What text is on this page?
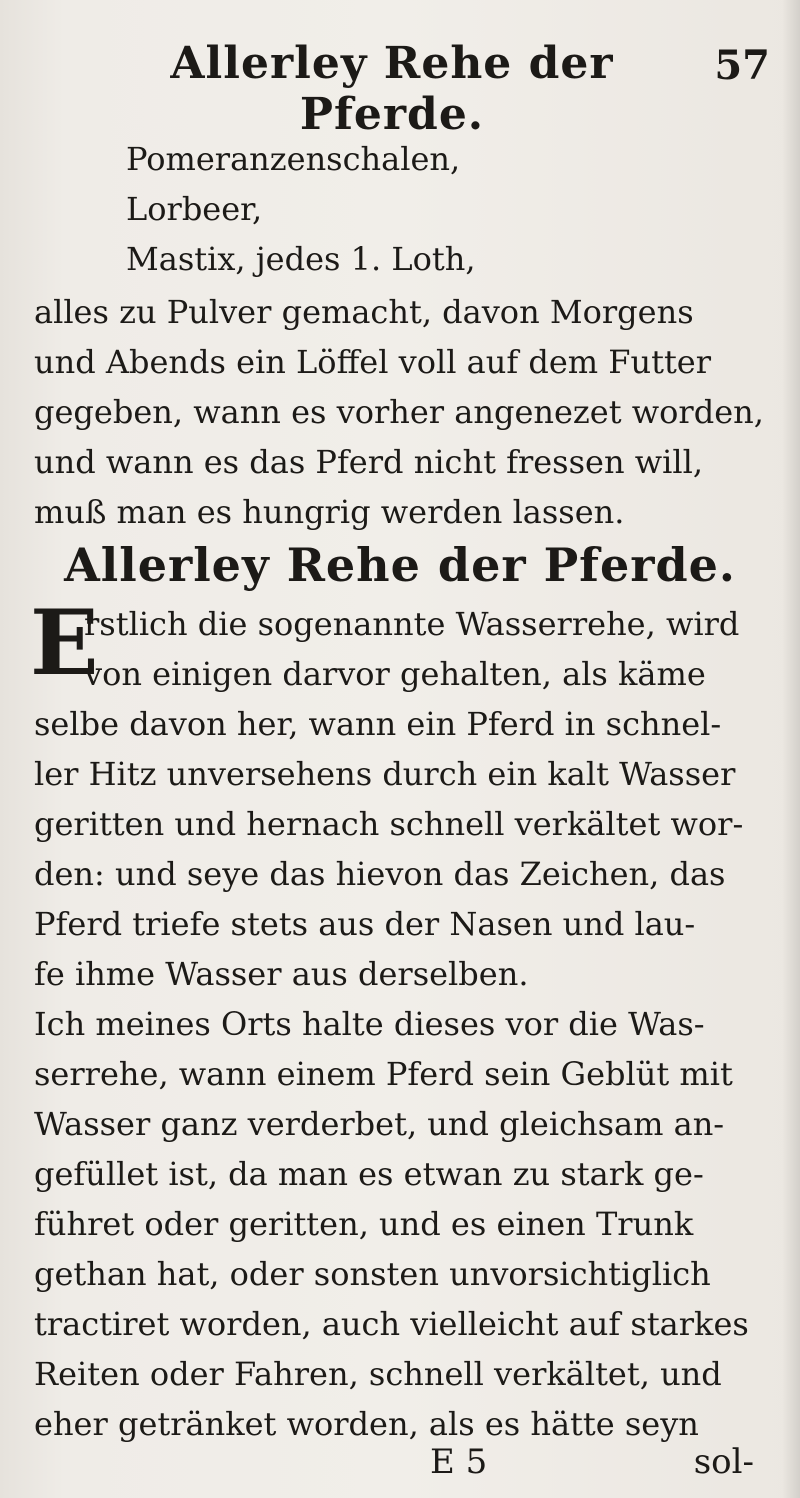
Allerley Rehe der Pferde.
57
Pomeranzenschalen,
Lorbeer,
Mastix, jedes 1. Loth,
alles zu Pulver gemacht, davon Morgens
und Abends ein Löffel voll auf dem Futter
gegeben, wann es vorher angenezet worden,
und wann es das Pferd nicht fressen will,
muß man es hungrig werden lassen.
Allerley Rehe der Pferde.
E
rstlich die sogenannte Wasserrehe, wird
von einigen darvor gehalten, als käme
selbe davon her, wann ein Pferd in schnel-
ler Hitz unversehens durch ein kalt Wasser
geritten und hernach schnell verkältet wor-
den: und seye das hievon das Zeichen, das
Pferd triefe stets aus der Nasen und lau-
fe ihme Wasser aus derselben.
Ich meines Orts halte dieses vor die Was-
serrehe, wann einem Pferd sein Geblüt mit
Wasser ganz verderbet, und gleichsam an-
gefüllet ist, da man es etwan zu stark ge-
führet oder geritten, und es einen Trunk
gethan hat, oder sonsten unvorsichtiglich
tractiret worden, auch vielleicht auf starkes
Reiten oder Fahren, schnell verkältet, und
eher getränket worden, als es hätte seyn
E 5	sol-
